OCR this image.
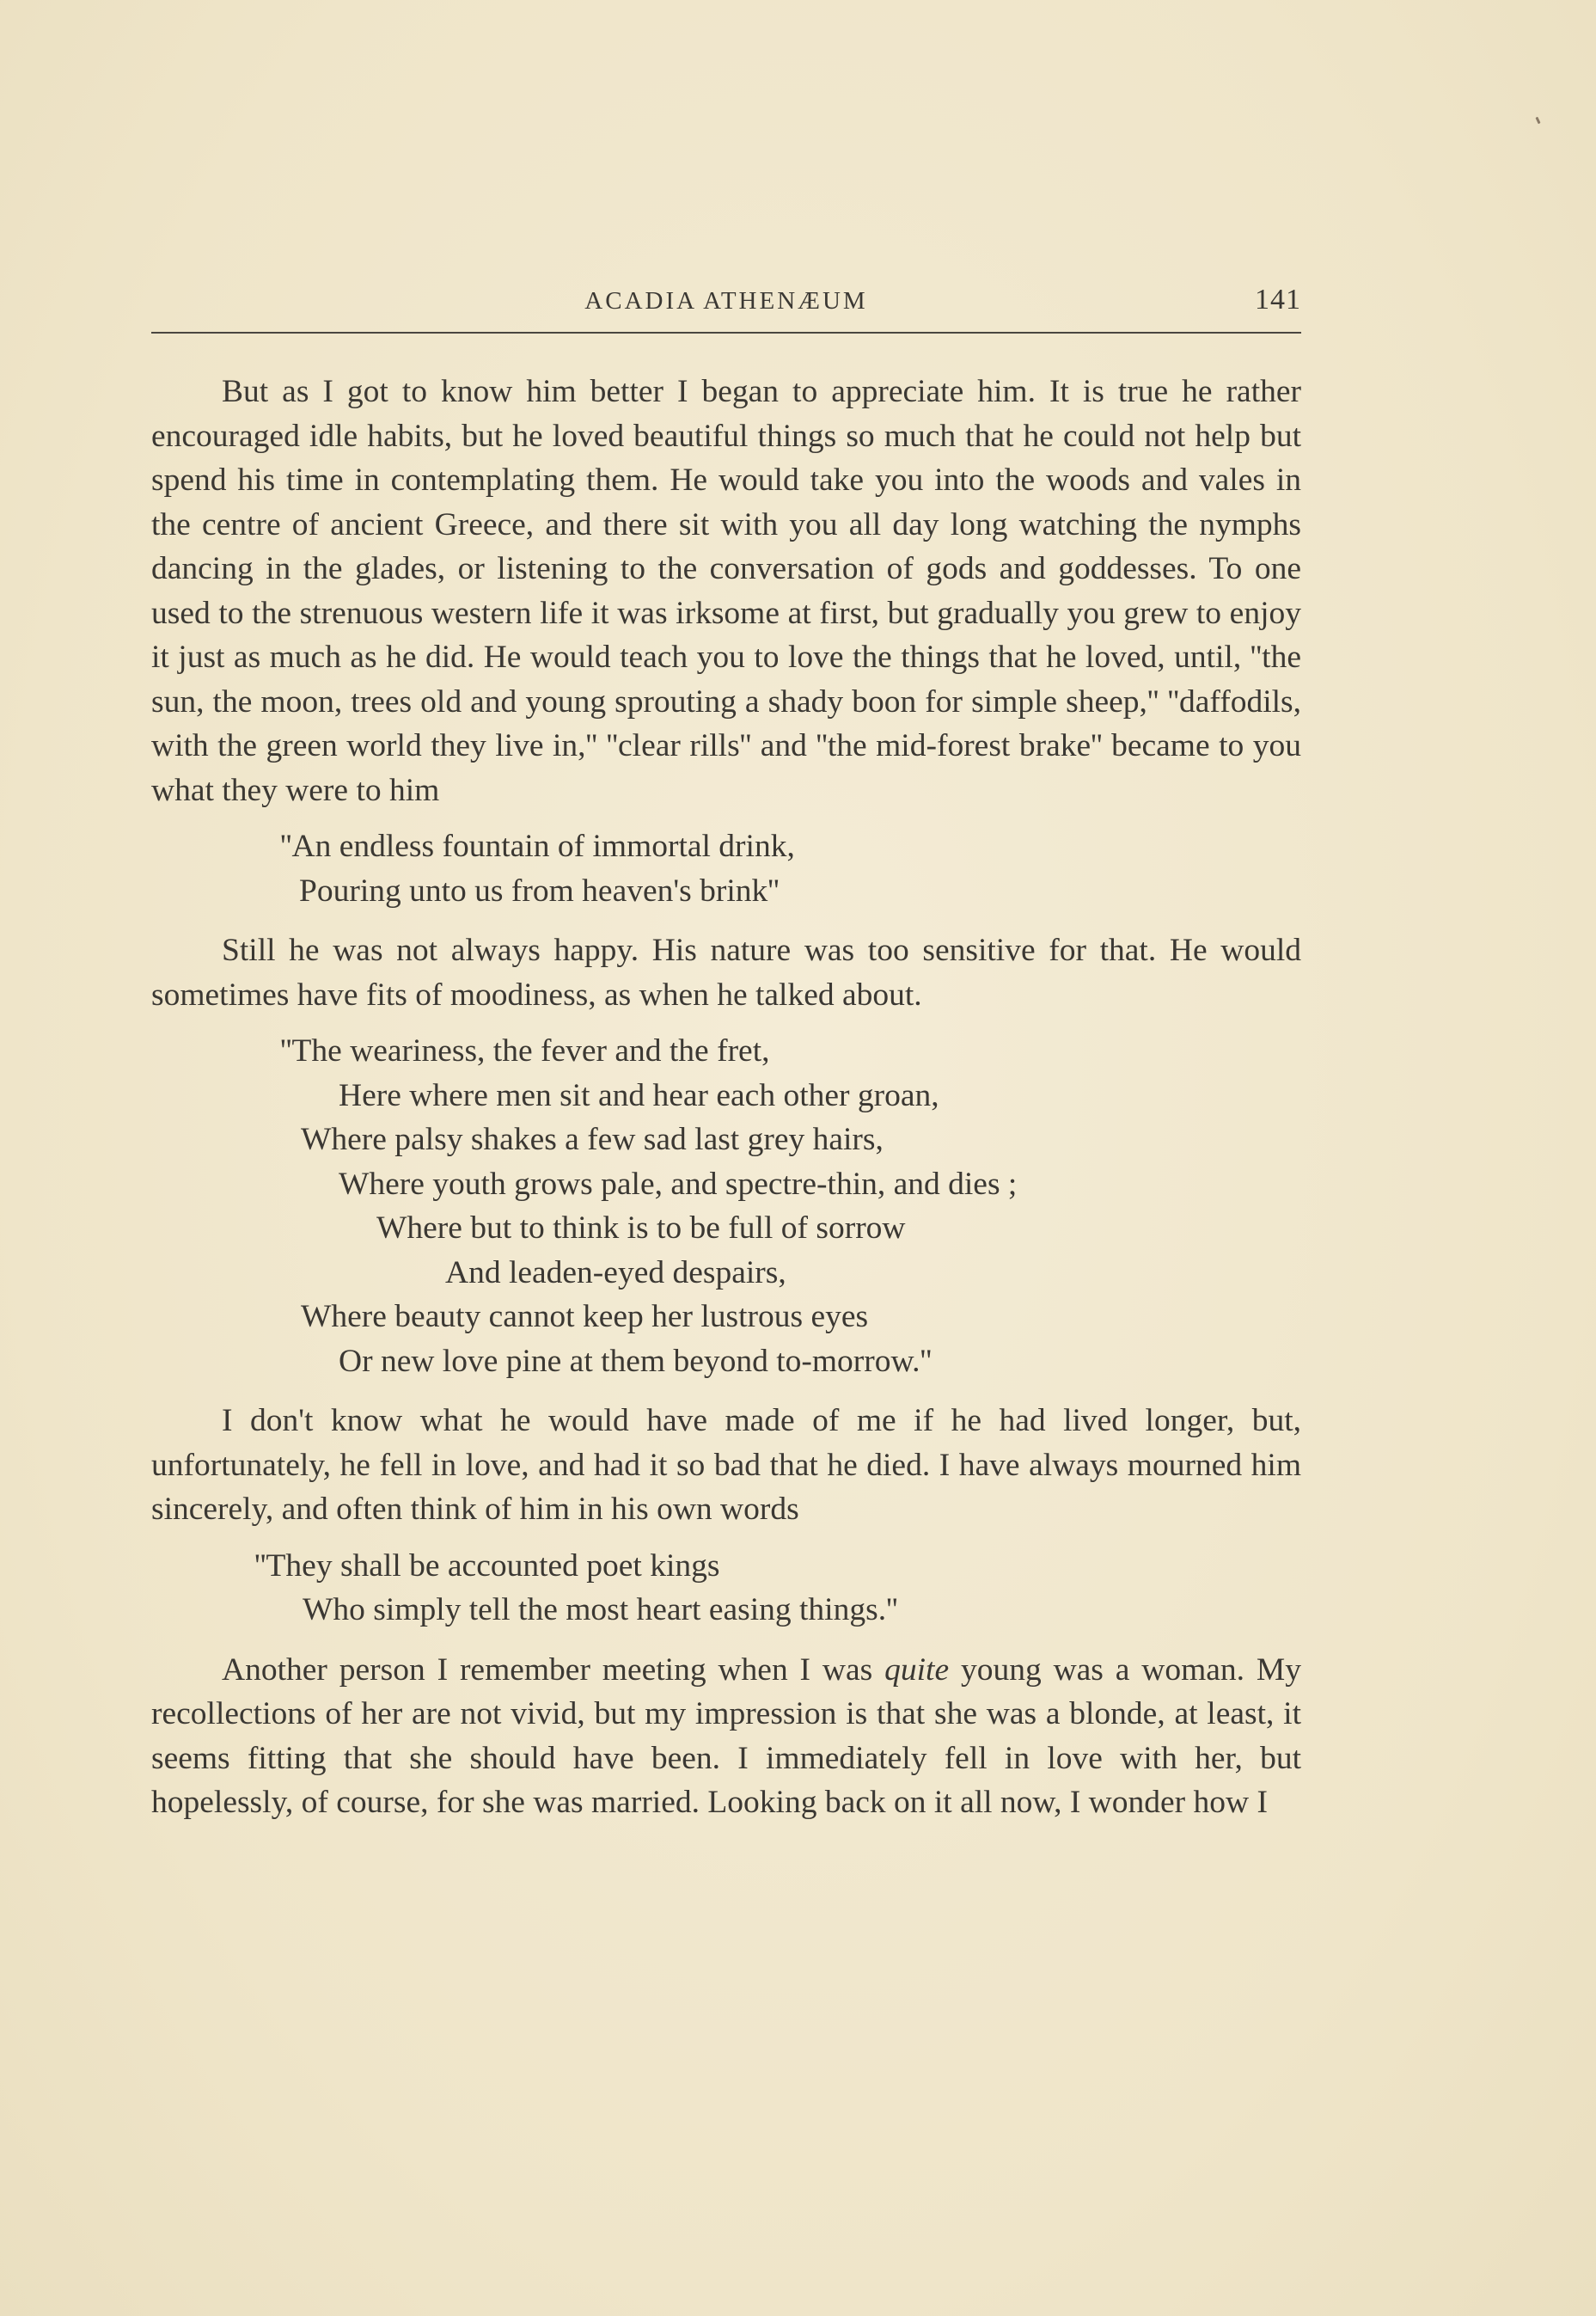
ACADIA ATHENÆUM	141

But as I got to know him better I began to appreciate him. It is true he rather encouraged idle habits, but he loved beautiful things so much that he could not help but spend his time in contemplating them. He would take you into the woods and vales in the centre of ancient Greece, and there sit with you all day long watching the nymphs dancing in the glades, or listening to the conversation of gods and goddesses. To one used to the strenuous western life it was irksome at first, but gradually you grew to enjoy it just as much as he did. He would teach you to love the things that he loved, until, ''the sun, the moon, trees old and young sprouting a shady boon for simple sheep,'' ''daffodils, with the green world they live in,'' ''clear rills'' and ''the mid-forest brake'' became to you what they were to him

''An endless fountain of immortal drink,
Pouring unto us from heaven's brink''

Still he was not always happy. His nature was too sensitive for that. He would sometimes have fits of moodiness, as when he talked about.

''The weariness, the fever and the fret,
Here where men sit and hear each other groan,
Where palsy shakes a few sad last grey hairs,
Where youth grows pale, and spectre-thin, and dies ;
Where but to think is to be full of sorrow
And leaden-eyed despairs,
Where beauty cannot keep her lustrous eyes
Or new love pine at them beyond to-morrow.''

I don't know what he would have made of me if he had lived longer, but, unfortunately, he fell in love, and had it so bad that he died. I have always mourned him sincerely, and often think of him in his own words

''They shall be accounted poet kings
Who simply tell the most heart easing things.''

Another person I remember meeting when I was quite young was a woman. My recollections of her are not vivid, but my impression is that she was a blonde, at least, it seems fitting that she should have been. I immediately fell in love with her, but hopelessly, of course, for she was married. Looking back on it all now, I wonder how I
